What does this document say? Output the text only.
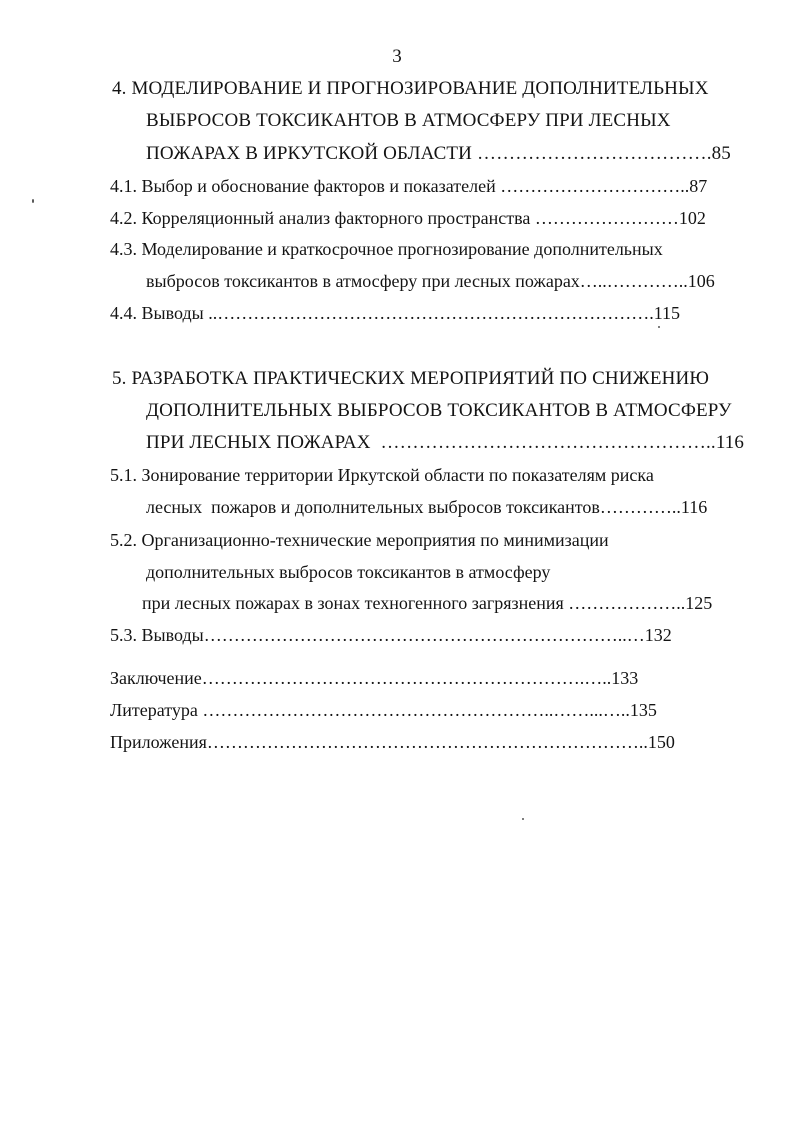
3
4. МОДЕЛИРОВАНИЕ И ПРОГНОЗИРОВАНИЕ ДОПОЛНИТЕЛЬНЫХ
ВЫБРОСОВ ТОКСИКАНТОВ В АТМОСФЕРУ ПРИ ЛЕСНЫХ
ПОЖАРАХ В ИРКУТСКОЙ ОБЛАСТИ ……………………………….85
4.1. Выбор и обоснование факторов и показателей …………………………..87
4.2. Корреляционный анализ факторного пространства ……………………102
4.3. Моделирование и краткосрочное прогнозирование дополнительных
выбросов токсикантов в атмосферу при лесных пожарах…..…………..106
4.4. Выводы ..……………………………………………………………….115
5. РАЗРАБОТКА ПРАКТИЧЕСКИХ МЕРОПРИЯТИЙ ПО СНИЖЕНИЮ
ДОПОЛНИТЕЛЬНЫХ ВЫБРОСОВ ТОКСИКАНТОВ В АТМОСФЕРУ
ПРИ ЛЕСНЫХ ПОЖАРАХ  ……………………………………………..116
5.1. Зонирование территории Иркутской области по показателям риска
лесных  пожаров и дополнительных выбросов токсикантов…………..116
5.2. Организационно-технические мероприятия по минимизации
дополнительных выбросов токсикантов в атмосферу
при лесных пожарах в зонах техногенного загрязнения ………………..125
5.3. Выводы……………………………………………………………..…132
Заключение……………………………………………………….…..133
Литература …………………………………………………..……...…..135
Приложения………………………………………………………………..150
